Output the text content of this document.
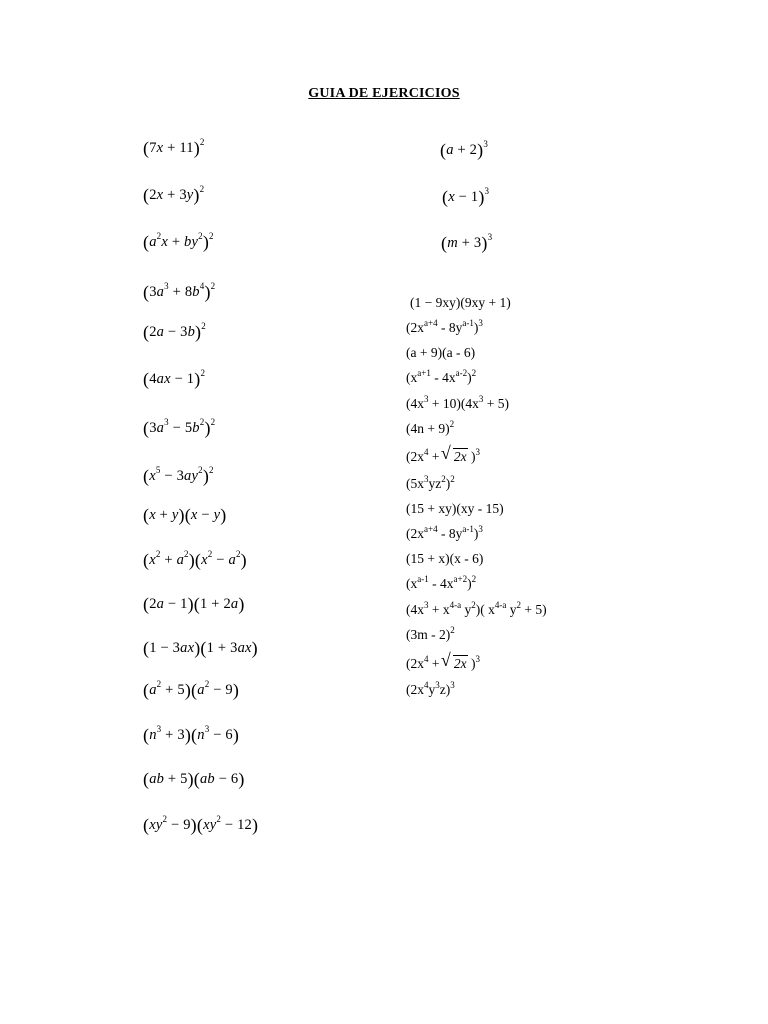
GUIA DE EJERCICIOS
$(7x + 11)^2$
$(2x + 3y)^2$
$(a^2x + by^2)^2$
$(3a^3 + 8b^4)^2$
$(2a - 3b)^2$
$(4ax - 1)^2$
$(3a^3 - 5b^2)^2$
$(x^5 - 3ay^2)^2$
(x + y)(x − y)
$(x^2 + a^2)(x^2 - a^2)$
(2a − 1)(1 + 2a)
(1 − 3ax)(1 + 3ax)
$(a^2 + 5)(a^2 - 9)$
$(n^3 + 3)(n^3 - 6)$
(ab + 5)(ab − 6)
$(xy^2 - 9)(xy^2 - 12)$
$(a + 2)^3$
$(x - 1)^3$
$(m + 3)^3$
(1 − 9xy)(9xy + 1)
$(2x^{a+4} - 8y^{a-1})^3$
(a + 9)(a - 6)
$(x^{a+1} - 4x^{a-2})^2$
$(4x^3 + 10)(4x^3 + 5)$
$(4n + 9)^2$
($2x^4$ + √ 2x )$^3$
$(5x^3yz^2)^2$
(15 + xy)(xy - 15)
$(2x^{a+4} - 8y^{a-1})^3$
(15 + x)(x - 6)
$(x^{a-1} - 4x^{a+2})^2$
($4x^3 + x^{4-a}$ $y^2$)( $x^{4-a}$ $y^2 + 5$)
(3m - 2)$^2$
($2x^4$ + √ 2x )$^3$
$(2x^4y^3z)^3$
